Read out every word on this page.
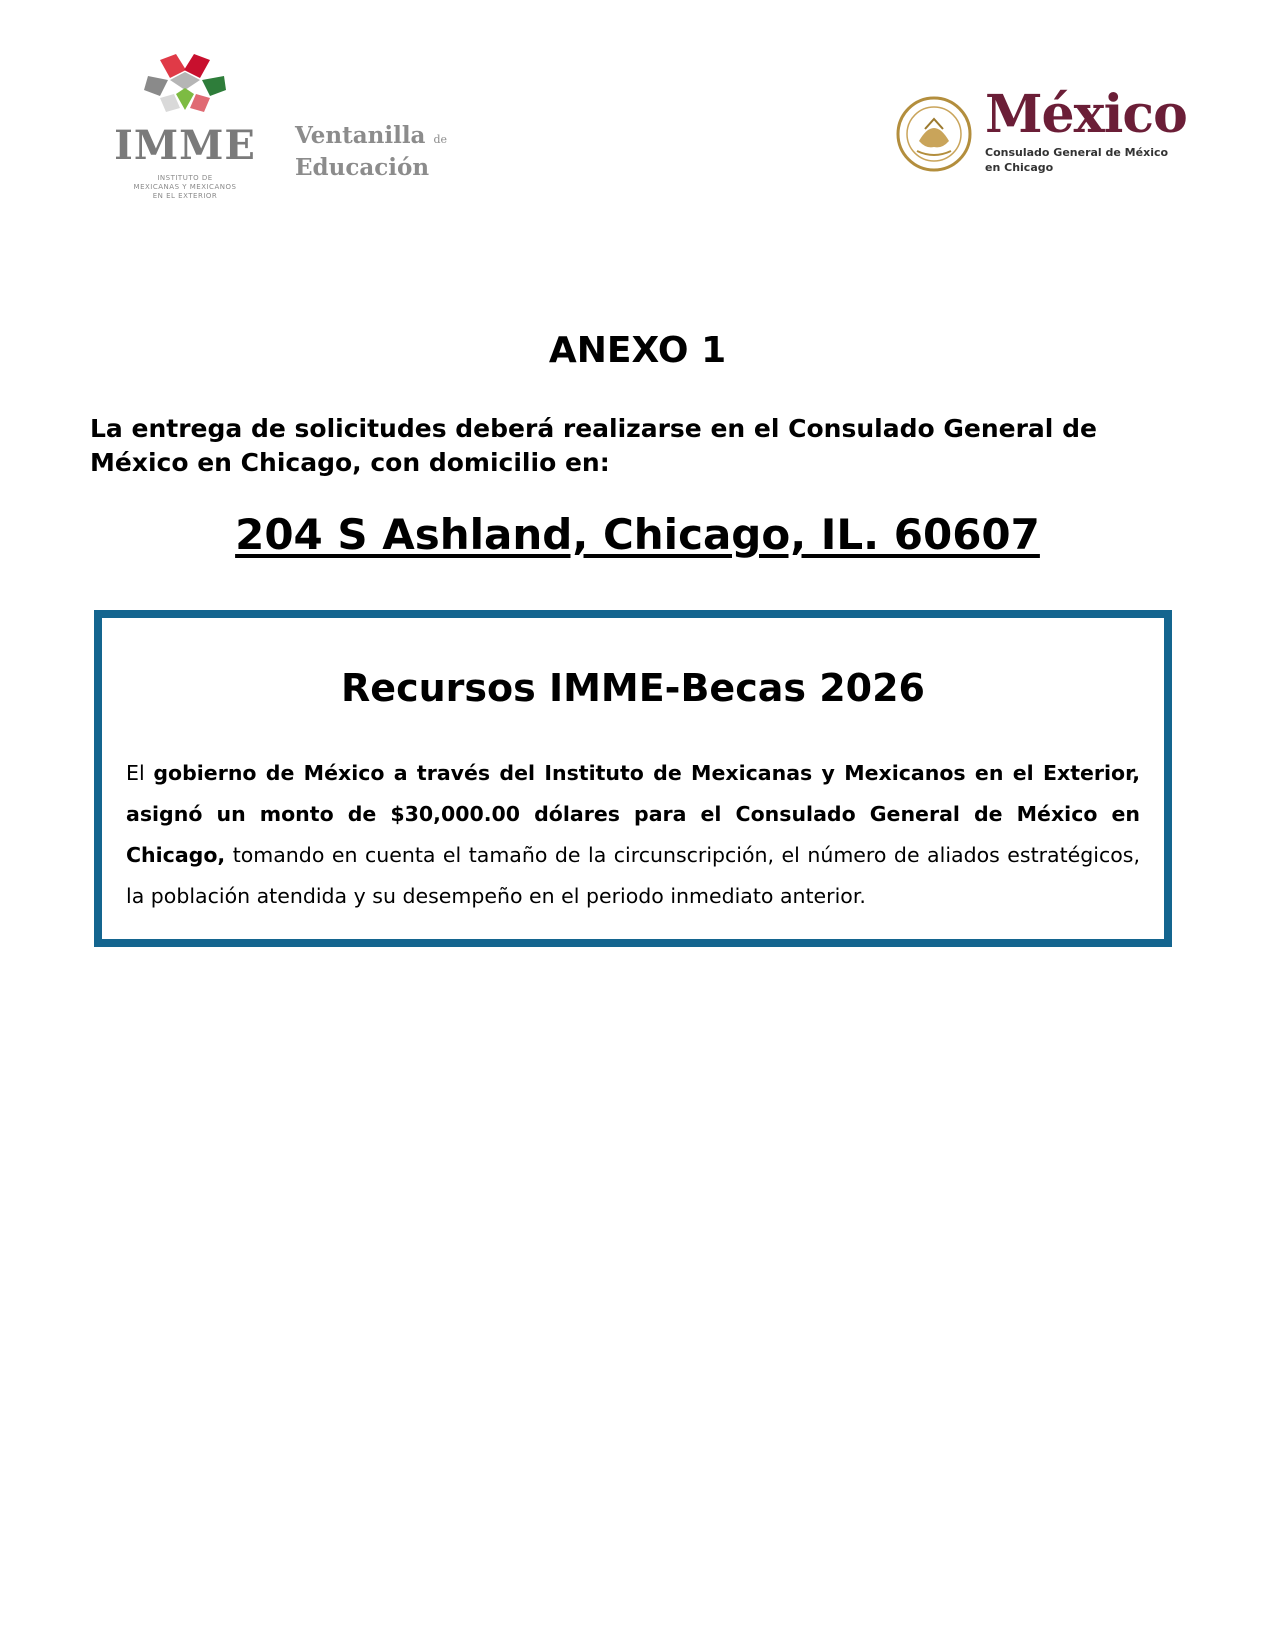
IMME
INSTITUTO DE
MEXICANAS Y MEXICANOS
EN EL EXTERIOR
Ventanilla de
Educación
México
Consulado General de México
en Chicago
ANEXO 1
La entrega de solicitudes deberá realizarse en el Consulado General de México en Chicago, con domicilio en:
204 S Ashland, Chicago, IL. 60607
Recursos IMME-Becas 2026
El gobierno de México a través del Instituto de Mexicanas y Mexicanos en el Exterior, asignó un monto de $30,000.00 dólares para el Consulado General de México en Chicago, tomando en cuenta el tamaño de la circunscripción, el número de aliados estratégicos, la población atendida y su desempeño en el periodo inmediato anterior.
